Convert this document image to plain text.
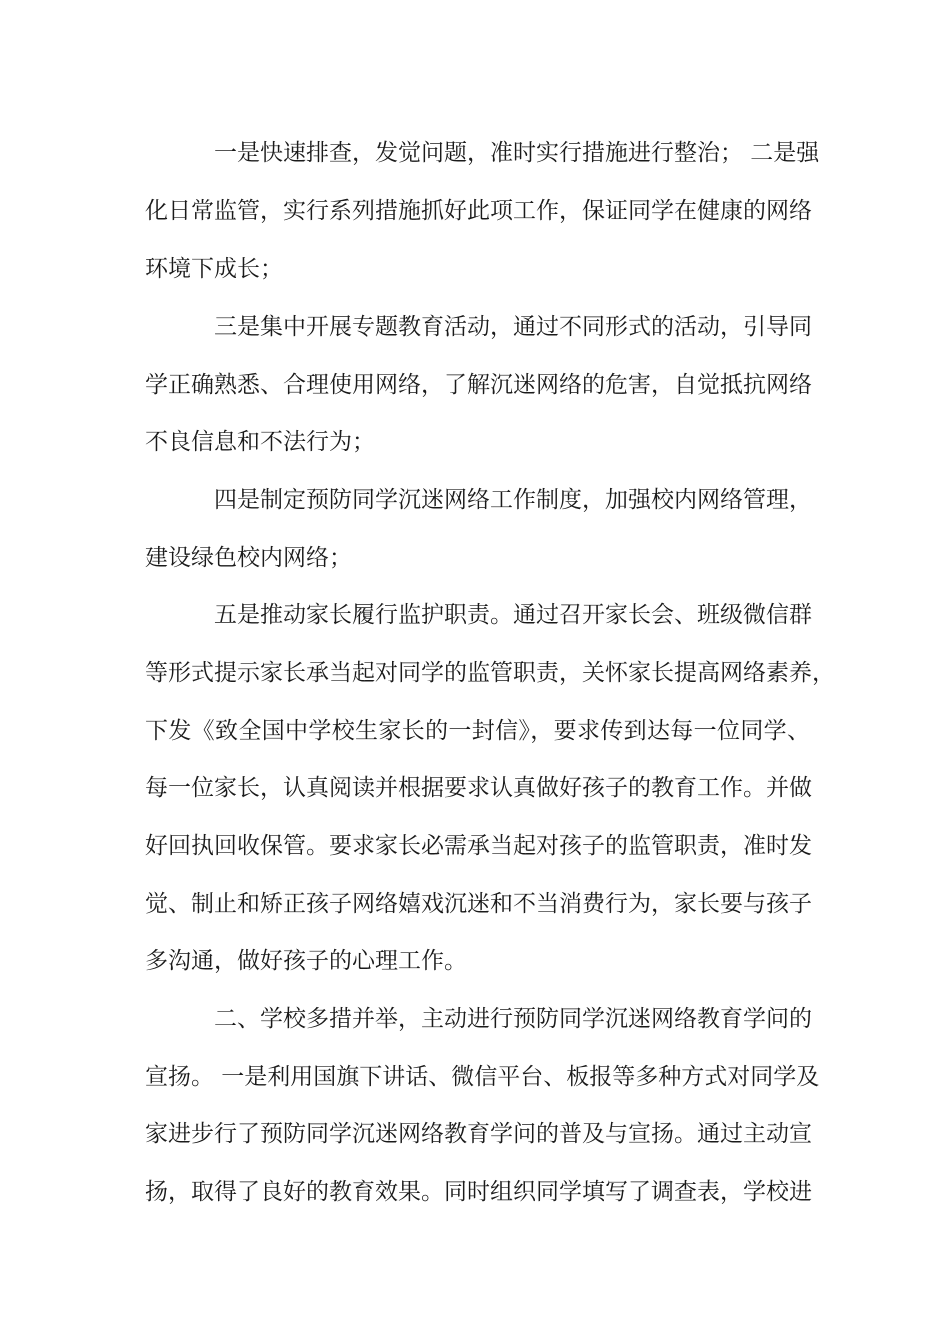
一是快速排查，发觉问题，准时实行措施进行整治； 二是强
化日常监管，实行系列措施抓好此项工作，保证同学在健康的网络
环境下成长；
三是集中开展专题教育活动，通过不同形式的活动，引导同
学正确熟悉、合理使用网络，了解沉迷网络的危害，自觉抵抗网络
不良信息和不法行为；
四是制定预防同学沉迷网络工作制度，加强校内网络管理，
建设绿色校内网络；
五是推动家长履行监护职责。通过召开家长会、班级微信群
等形式提示家长承当起对同学的监管职责，关怀家长提高网络素养，
下发《致全国中学校生家长的一封信》，要求传到达每一位同学、
每一位家长，认真阅读并根据要求认真做好孩子的教育工作。并做
好回执回收保管。要求家长必需承当起对孩子的监管职责，准时发
觉、制止和矫正孩子网络嬉戏沉迷和不当消费行为，家长要与孩子
多沟通，做好孩子的心理工作。
二、学校多措并举，主动进行预防同学沉迷网络教育学问的
宣扬。 一是利用国旗下讲话、微信平台、板报等多种方式对同学及
家进步行了预防同学沉迷网络教育学问的普及与宣扬。通过主动宣
扬，取得了良好的教育效果。同时组织同学填写了调查表，学校进
